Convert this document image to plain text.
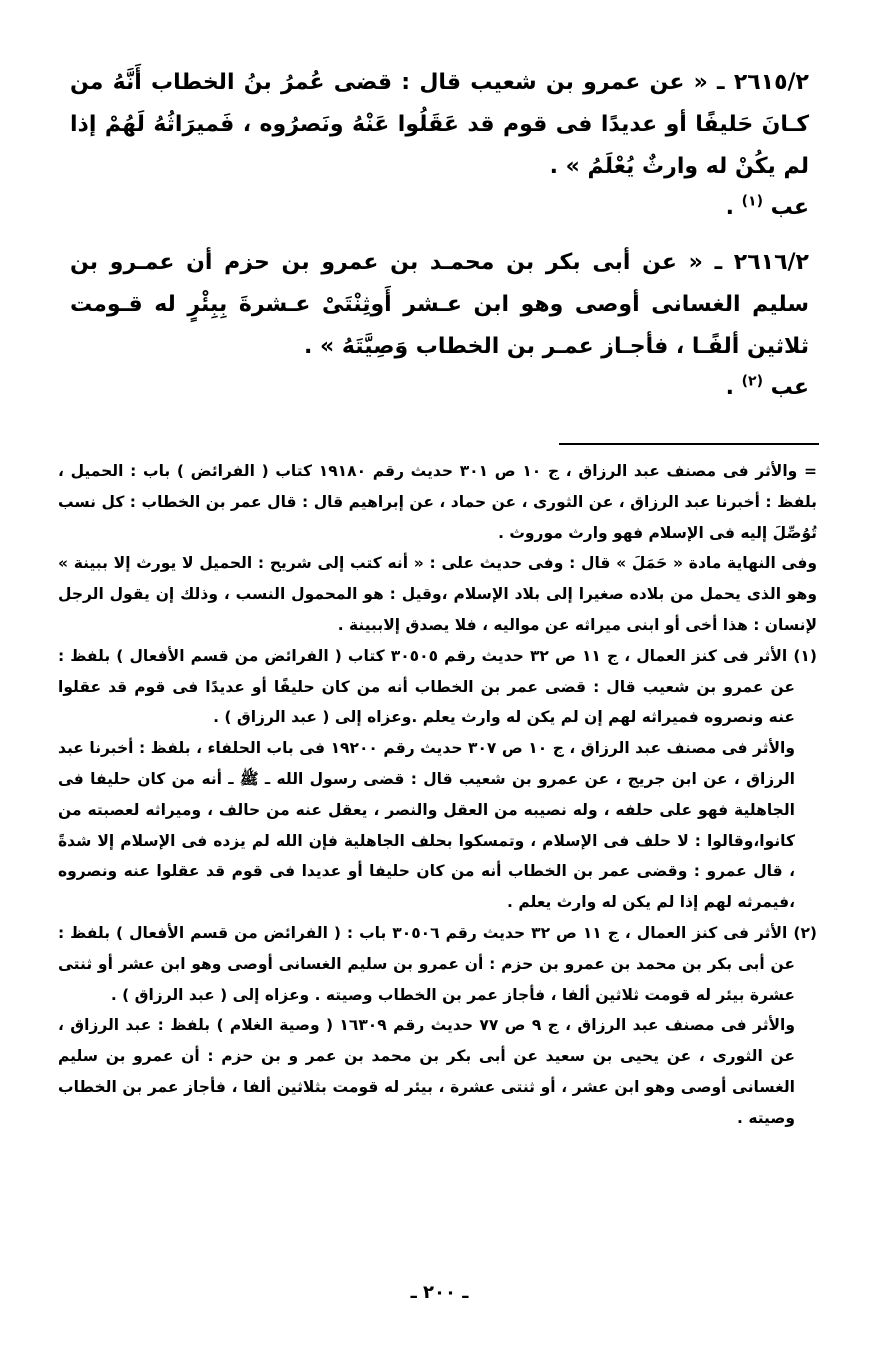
٢٦١٥/٢ ـ « عن عمرو بن شعيب قال : قضى عُمرُ بنُ الخطاب أَنَّهُ من كـانَ حَليفًا أو عديدًا فى قوم قد عَقَلُوا عَنْهُ ونَصرُوه ، فَميرَاثُهُ لَهُمْ إذا لم يكُنْ له وارثٌ يُعْلَمُ » .

عب $^{(١)}$ .

٢٦١٦/٢ ـ « عن أبى بكر بن محمـد بن عمرو بن حزم أن عمـرو بن سليم الغسانى أوصى وهو ابن عـشر أَوثِنْتَىْ عـشرةَ بِبِئْرٍ له قـومت ثلاثين ألفًـا ، فأجـاز عمـر بن الخطاب وَصِيَّتَهُ » .

عب $^{(٢)}$ .

= والأثر فى مصنف عبد الرزاق ، ج ١٠ ص ٣٠١ حديث رقم ١٩١٨٠ كتاب ( الفرائض ) باب : الحميل ، بلفظ : أخبرنا عبد الرزاق ، عن الثورى ، عن حماد ، عن إبراهيم قال : قال عمر بن الخطاب : كل نسب تُوُصِّلَ إليه فى الإسلام فهو وارث موروث .

وفى النهاية مادة « حَمَلَ » قال : وفى حديث على : « أنه كتب إلى شريح : الحميل لا يورث إلا ببينة » وهو الذى يحمل من بلاده صغيرا إلى بلاد الإسلام ،وقيل : هو المحمول النسب ، وذلك إن يقول الرجل لإنسان : هذا أخى أو ابنى ميراثه عن مواليه ، فلا يصدق إلاببينة .

(١) الأثر فى كنز العمال ، ج ١١ ص ٣٢ حديث رقم ٣٠٥٠٥ كتاب ( الفرائض من قسم الأفعال ) بلفظ : عن عمرو بن شعيب قال : قضى عمر بن الخطاب أنه من كان حليفًا أو عديدًا فى قوم قد عقلوا عنه ونصروه فميراثه لهم إن لم يكن له وارث يعلم .وعزاه إلى ( عبد الرزاق ) .

والأثر فى مصنف عبد الرزاق ، ج ١٠ ص ٣٠٧ حديث رقم ١٩٢٠٠ فى باب الحلفاء ، بلفظ : أخبرنا عبد الرزاق ، عن ابن جريج ، عن عمرو بن شعيب قال : قضى رسول الله ـ ﷺ ـ أنه من كان حليفا فى الجاهلية فهو على حلفه ، وله نصيبه من العقل والنصر ، يعقل عنه من حالف ، وميراثه لعصبته من كانوا،وقالوا : لا حلف فى الإسلام ، وتمسكوا بحلف الجاهلية فإن الله لم يزده فى الإسلام إلا شدةً ، قال عمرو : وقضى عمر بن الخطاب أنه من كان حليفا أو عديدا فى قوم قد عقلوا عنه ونصروه ،فيمرثه لهم إذا لم يكن له وارث يعلم .

(٢) الأثر فى كنز العمال ، ج ١١ ص ٣٢ حديث رقم ٣٠٥٠٦ باب : ( الفرائض من قسم الأفعال ) بلفظ : عن أبى بكر بن محمد بن عمرو بن حزم : أن عمرو بن سليم الغسانى أوصى وهو ابن عشر أو ثنتى عشرة بيئر له قومت ثلاثين ألفا ، فأجاز عمر بن الخطاب وصيته . وعزاه إلى ( عبد الرزاق ) .

والأثر فى مصنف عبد الرزاق ، ج ٩ ص ٧٧ حديث رقم ١٦٣٠٩ ( وصية الغلام ) بلفظ : عبد الرزاق ، عن الثورى ، عن يحيى بن سعيد عن أبى بكر بن محمد بن عمر و بن حزم : أن عمرو بن سليم الغسانى أوصى وهو ابن عشر ، أو ثنتى عشرة ، بيئر له قومت بثلاثين ألفا ، فأجاز عمر بن الخطاب وصيته .

ـ ٢٠٠ ـ
